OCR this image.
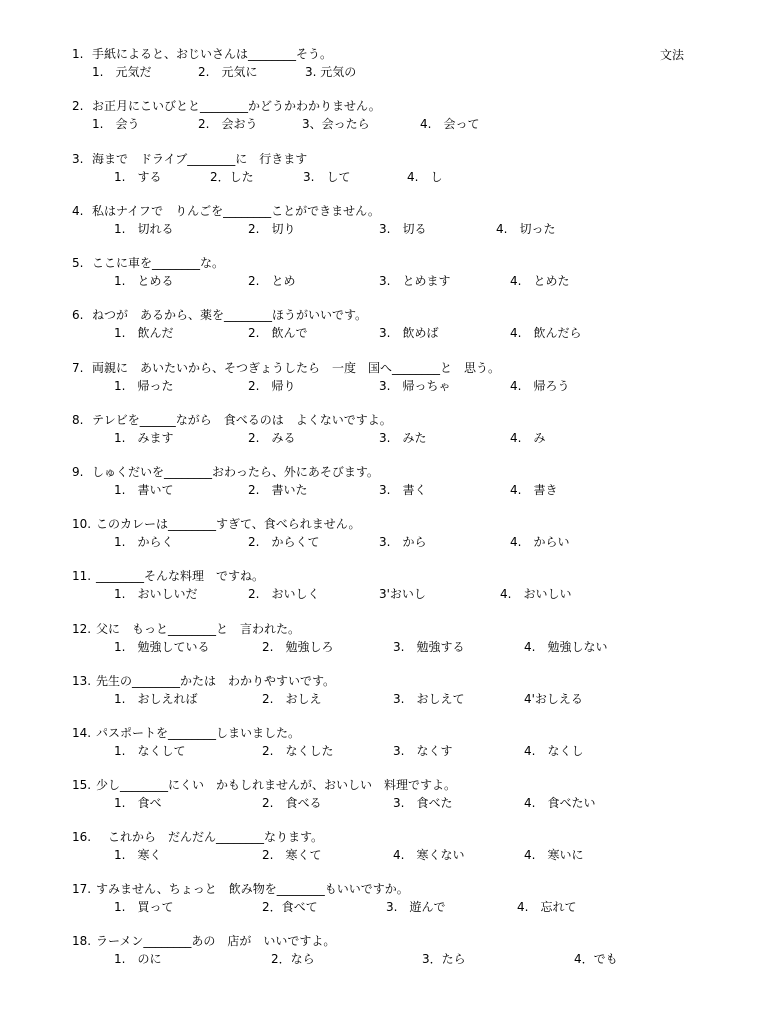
文法
1. 手紙によると、おじいさんは________そう。
1.　元気だ	2.　元気に	3. 元気の
2. お正月にこいびとと________かどうかわかりません。
1.　会う	2.　会おう	3、会ったら	4.　会って
3. 海まで　ドライブ________に　行きます
1.　する	2．した	3.　して	4.　し
4. 私はナイフで　りんごを________ことができません。
1.　切れる	2.　切り	3.　切る	4.　切った
5. ここに車を________な。
1.　とめる	2.　とめ	3.　とめます	4.　とめた
6. ねつが　あるから、薬を________ほうがいいです。
1.　飲んだ	2.　飲んで	3.　飲めば	4.　飲んだら
7. 両親に　あいたいから、そつぎょうしたら　一度　国へ________と　思う。
1.　帰った	2.　帰り	3.　帰っちゃ	4.　帰ろう
8. テレビを______ながら　食べるのは　よくないですよ。
1.　みます	2.　みる	3.　みた	4.　み
9. しゅくだいを________おわったら、外にあそびます。
1.　書いて	2.　書いた	3.　書く	4.　書き
10. このカレーは________すぎて、食べられません。
1.　からく	2.　からくて	3.　から	4.　からい
11. ________そんな料理　ですね。
1.　おいしいだ	2.　おいしく	3'おいし	4.　おいしい
12. 父に　もっと________と　言われた。
1.　勉強している	2.　勉強しろ	3.　勉強する	4.　勉強しない
13. 先生の________かたは　わかりやすいです。
1.　おしえれば	2.　おしえ	3.　おしえて	4'おしえる
14. パスポートを________しまいました。
1.　なくして	2.　なくした	3.　なくす	4.　なくし
15. 少し________にくい　かもしれませんが、おいしい　料理ですよ。
1.　食べ	2.　食べる	3.　食べた	4.　食べたい
16.　これから　だんだん________なります。
1.　寒く	2.　寒くて	4.　寒くない	4.　寒いに
17. すみません、ちょっと　飲み物を________もいいですか。
1.　買って	2．食べて	3.　遊んで	4.　忘れて
18. ラーメン________あの　店が　いいですよ。
1.　のに	2．なら	3．たら	4．でも
